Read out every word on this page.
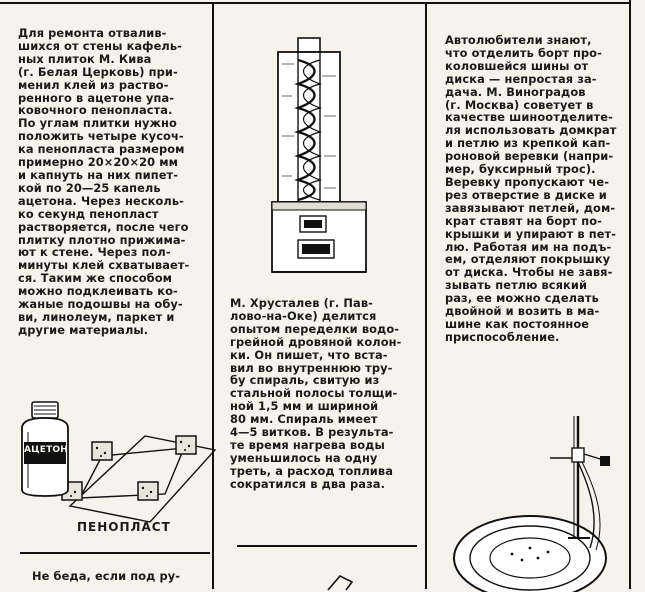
Для ремонта отвалив-
шихся от стены кафель-
ных плиток М. Кива
(г. Белая Церковь) при-
менил клей из раство-
ренного в ацетоне упа-
ковочного пенопласта.
По углам плитки нужно
положить четыре кусоч-
ка пенопласта размером
примерно 20×20×20 мм
и капнуть на них пипет-
кой по 20—25 капель
ацетона. Через несколь-
ко секунд пенопласт
растворяется, после чего
плитку плотно прижима-
ют к стене. Через пол-
минуты клей схватывает-
ся. Таким же способом
можно подклеивать ко-
жаные подошвы на обу-
ви, линолеум, паркет и
другие материалы.

АЦЕТОН
ПЕНОПЛАСТ

Не беда, если под ру-

М. Хрусталев (г. Пав-
лово-на-Оке) делится
опытом переделки водо-
грейной дровяной колон-
ки. Он пишет, что вста-
вил во внутреннюю тру-
бу спираль, свитую из
стальной полосы толщи-
ной 1,5 мм и шириной
80 мм. Спираль имеет
4—5 витков. В результа-
те время нагрева воды
уменьшилось на одну
треть, а расход топлива
сократился в два раза.

Автолюбители знают,
что отделить борт про-
коловшейся шины от
диска — непростая за-
дача. М. Виноградов
(г. Москва) советует в
качестве шиноотделите-
ля использовать домкрат
и петлю из крепкой кап-
роновой веревки (напри-
мер, буксирный трос).
Веревку пропускают че-
рез отверстие в диске и
завязывают петлей, дом-
крат ставят на борт по-
крышки и упирают в пет-
лю. Работая им на подъ-
ем, отделяют покрышку
от диска. Чтобы не завя-
зывать петлю всякий
раз, ее можно сделать
двойной и возить в ма-
шине как постоянное
приспособление.
